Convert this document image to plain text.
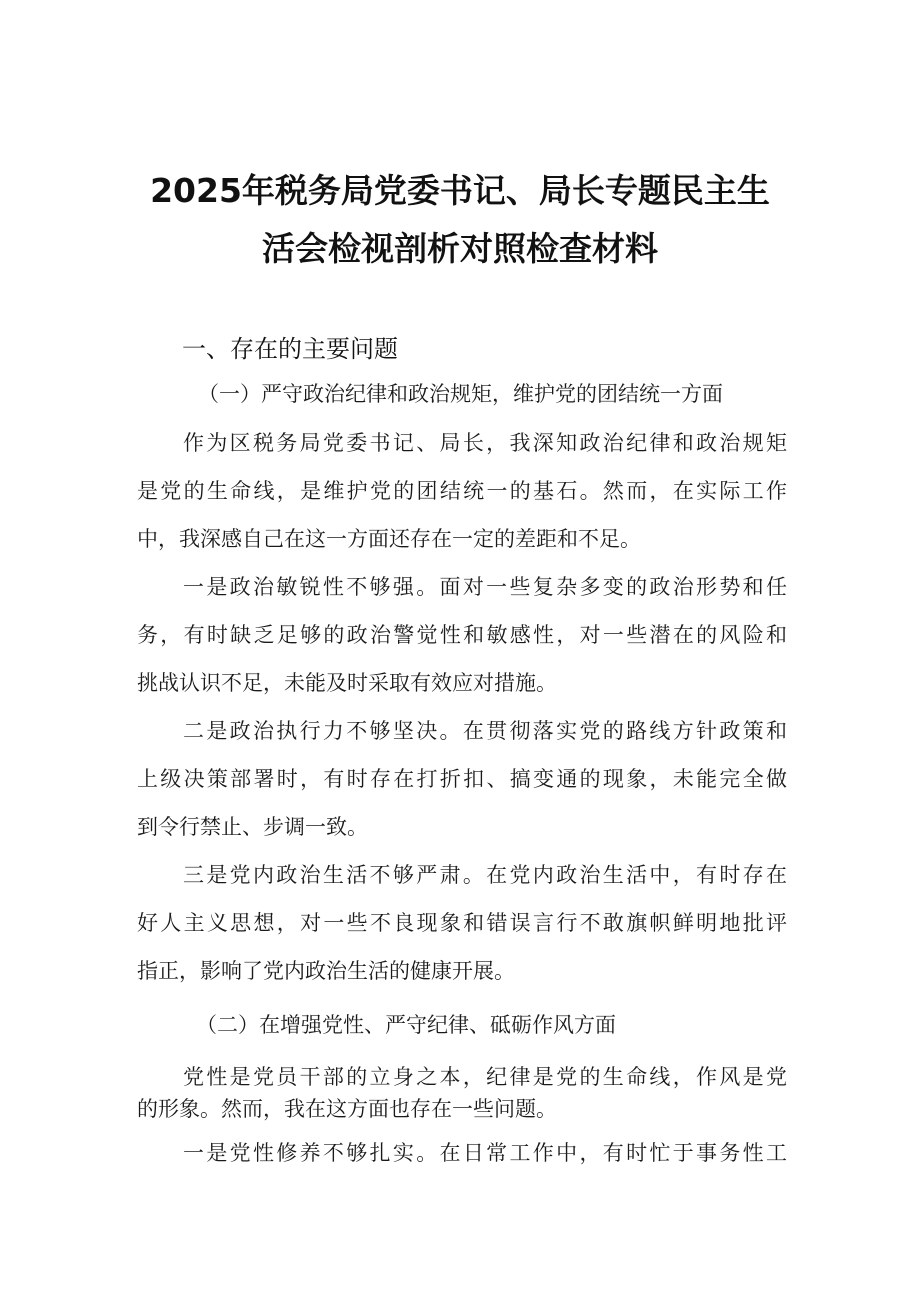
2025年税务局党委书记、局长专题民主生
活会检视剖析对照检查材料
一、存在的主要问题
（一）严守政治纪律和政治规矩，维护党的团结统一方面
作为区税务局党委书记、局长，我深知政治纪律和政治规矩
是党的生命线，是维护党的团结统一的基石。然而，在实际工作
中，我深感自己在这一方面还存在一定的差距和不足。
一是政治敏锐性不够强。面对一些复杂多变的政治形势和任
务，有时缺乏足够的政治警觉性和敏感性，对一些潜在的风险和
挑战认识不足，未能及时采取有效应对措施。
二是政治执行力不够坚决。在贯彻落实党的路线方针政策和
上级决策部署时，有时存在打折扣、搞变通的现象，未能完全做
到令行禁止、步调一致。
三是党内政治生活不够严肃。在党内政治生活中，有时存在
好人主义思想，对一些不良现象和错误言行不敢旗帜鲜明地批评
指正，影响了党内政治生活的健康开展。
（二）在增强党性、严守纪律、砥砺作风方面
党性是党员干部的立身之本，纪律是党的生命线，作风是党
的形象。然而，我在这方面也存在一些问题。
一是党性修养不够扎实。在日常工作中，有时忙于事务性工
